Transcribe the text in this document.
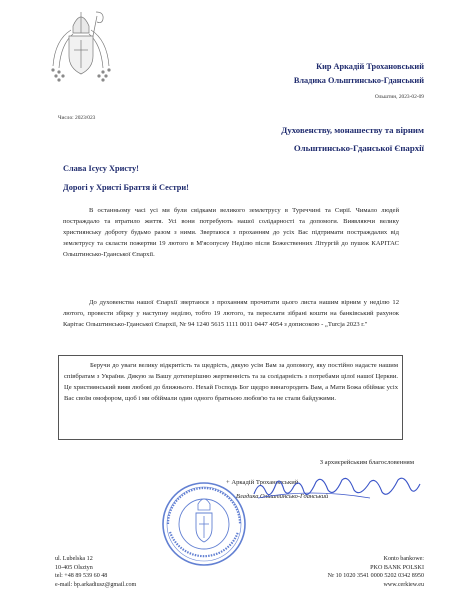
Кир Аркадій Трохановський
Владика Ольштинсько-Гданський
Ольштин, 2023-02-09
Число: 2023/023
Духовенству, монашеству та вірним
Ольштинсько-Гданської Єпархії
Слава Ісусу Христу!
Дорогі у Христі Браття й Сестри!
В останньому часі усі ми були свідками великого землетрусу в Туреччині та Сирії. Чимало людей постраждало та втратило життя. Усі вони потребують нашої солідарності та допомоги. Виявляючи велику християнську доброту будьмо разом з ними. Звертаюся з проханням до усіх Вас підтримати постраждалих від землетрусу та скласти пожертви 19 лютого в М'ясопусну Неділю після Божественних Літургій до пушок КАРІТАС Ольштинсько-Гданської Єпархії.
До духовенства нашої Єпархії звертаюся з проханням прочитати цього листа нашим вірним у неділю 12 лютого, провести збірку у наступну неділю, тобто 19 лютого, та переслати зібрані кошти на банківський рахунок Карітас Ольштинсько-Гданської Єпархії, Nr 94 1240 5615 1111 0011 0447 4054 з дописокою - „Turcja 2023 r."
Беручи до уваги велику відкритість та щедрість, дякую усім Вам за допомогу, яку постійно надасте нашим співбратам з України. Дякую за Вашу дотеперішню жертвенність та за солідарність з потребами цілої нашої Церкви. Це християнський вияв любові до ближнього. Нехай Господь Бог щедро винагородить Вам, а Мати Божа обіймає усіх Вас своїм омофором, щоб і ми обіймали один одного братньою любов'ю та не стали байдужими.
З архиєрейським благословенням
+ Аркадій Трохановський
Владика Ольштинсько-Гданський
ul. Lubelska 12
10-405 Olsztyn
tel: +48 89 539 60 48
e-mail: bp.arkadiusz@gmail.com
Konto bankowe:
PKO BANK POLSKI
Nr 10 1020 3541 0000 5202 0342 8950
www.cerkiew.eu
